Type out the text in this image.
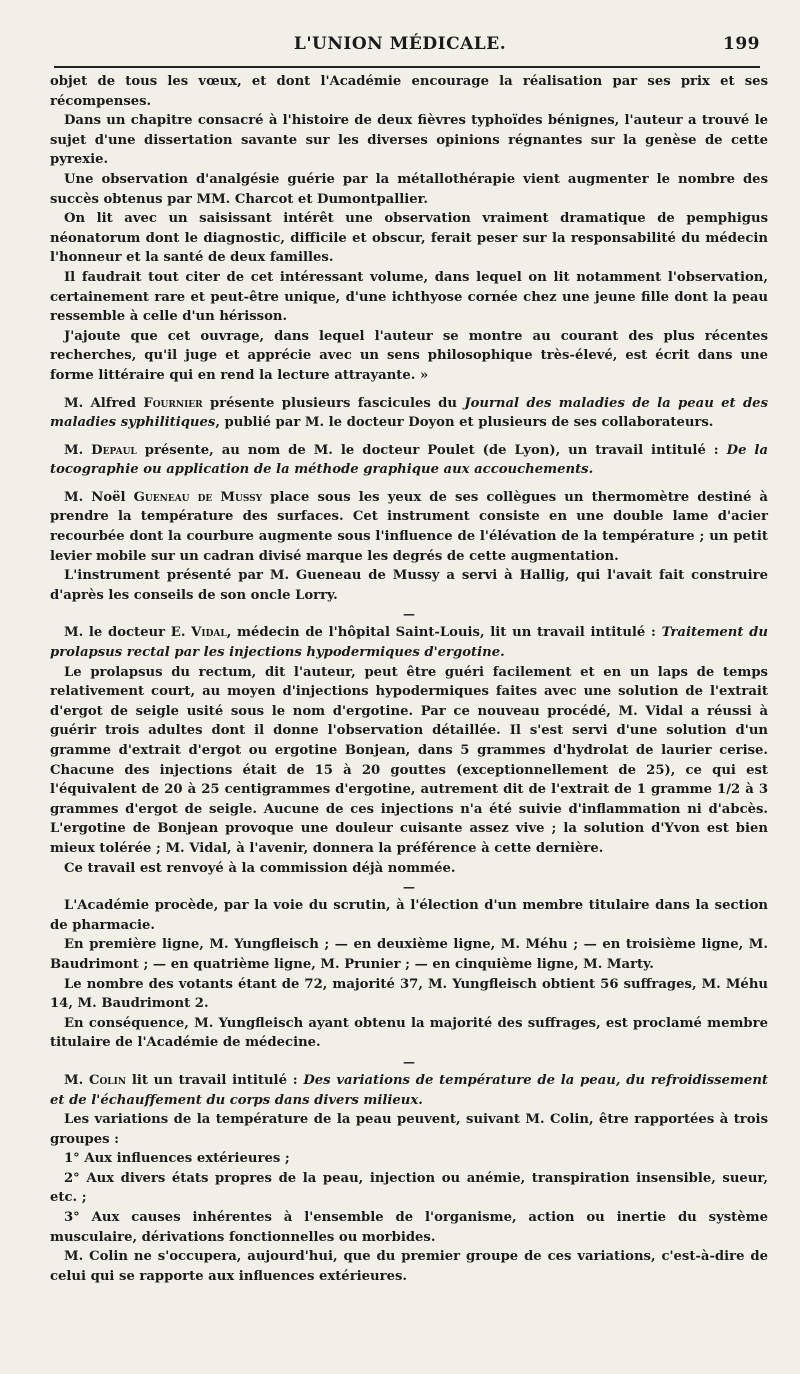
L'UNION MÉDICALE.	199

objet de tous les vœux, et dont l'Académie encourage la réalisation par ses prix et ses récompenses.

Dans un chapitre consacré à l'histoire de deux fièvres typhoïdes bénignes, l'auteur a trouvé le sujet d'une dissertation savante sur les diverses opinions régnantes sur la genèse de cette pyrexie.

Une observation d'analgésie guérie par la métallothérapie vient augmenter le nombre des succès obtenus par MM. Charcot et Dumontpallier.

On lit avec un saisissant intérêt une observation vraiment dramatique de pemphigus néonatorum dont le diagnostic, difficile et obscur, ferait peser sur la responsabilité du médecin l'honneur et la santé de deux familles.

Il faudrait tout citer de cet intéressant volume, dans lequel on lit notamment l'observation, certainement rare et peut-être unique, d'une ichthyose cornée chez une jeune fille dont la peau ressemble à celle d'un hérisson.

J'ajoute que cet ouvrage, dans lequel l'auteur se montre au courant des plus récentes recherches, qu'il juge et apprécie avec un sens philosophique très-élevé, est écrit dans une forme littéraire qui en rend la lecture attrayante. »

M. Alfred Fournier présente plusieurs fascicules du Journal des maladies de la peau et des maladies syphilitiques, publié par M. le docteur Doyon et plusieurs de ses collaborateurs.

M. Depaul présente, au nom de M. le docteur Poulet (de Lyon), un travail intitulé : De la tocographie ou application de la méthode graphique aux accouchements.

M. Noël Gueneau de Mussy place sous les yeux de ses collègues un thermomètre destiné à prendre la température des surfaces. Cet instrument consiste en une double lame d'acier recourbée dont la courbure augmente sous l'influence de l'élévation de la température ; un petit levier mobile sur un cadran divisé marque les degrés de cette augmentation.

L'instrument présenté par M. Gueneau de Mussy a servi à Hallig, qui l'avait fait construire d'après les conseils de son oncle Lorry.

—

M. le docteur E. Vidal, médecin de l'hôpital Saint-Louis, lit un travail intitulé : Traitement du prolapsus rectal par les injections hypodermiques d'ergotine.

Le prolapsus du rectum, dit l'auteur, peut être guéri facilement et en un laps de temps relativement court, au moyen d'injections hypodermiques faites avec une solution de l'extrait d'ergot de seigle usité sous le nom d'ergotine. Par ce nouveau procédé, M. Vidal a réussi à guérir trois adultes dont il donne l'observation détaillée. Il s'est servi d'une solution d'un gramme d'extrait d'ergot ou ergotine Bonjean, dans 5 grammes d'hydrolat de laurier cerise. Chacune des injections était de 15 à 20 gouttes (exceptionnellement de 25), ce qui est l'équivalent de 20 à 25 centigrammes d'ergotine, autrement dit de l'extrait de 1 gramme 1/2 à 3 grammes d'ergot de seigle. Aucune de ces injections n'a été suivie d'inflammation ni d'abcès. L'ergotine de Bonjean provoque une douleur cuisante assez vive ; la solution d'Yvon est bien mieux tolérée ; M. Vidal, à l'avenir, donnera la préférence à cette dernière.

Ce travail est renvoyé à la commission déjà nommée.

—

L'Académie procède, par la voie du scrutin, à l'élection d'un membre titulaire dans la section de pharmacie.

En première ligne, M. Yungfleisch ; — en deuxième ligne, M. Méhu ; — en troisième ligne, M. Baudrimont ; — en quatrième ligne, M. Prunier ; — en cinquième ligne, M. Marty.

Le nombre des votants étant de 72, majorité 37, M. Yungfleisch obtient 56 suffrages, M. Méhu 14, M. Baudrimont 2.

En conséquence, M. Yungfleisch ayant obtenu la majorité des suffrages, est proclamé membre titulaire de l'Académie de médecine.

—

M. Colin lit un travail intitulé : Des variations de température de la peau, du refroidissement et de l'échauffement du corps dans divers milieux.

Les variations de la température de la peau peuvent, suivant M. Colin, être rapportées à trois groupes :

1° Aux influences extérieures ;

2° Aux divers états propres de la peau, injection ou anémie, transpiration insensible, sueur, etc. ;

3° Aux causes inhérentes à l'ensemble de l'organisme, action ou inertie du système musculaire, dérivations fonctionnelles ou morbides.

M. Colin ne s'occupera, aujourd'hui, que du premier groupe de ces variations, c'est-à-dire de celui qui se rapporte aux influences extérieures.
